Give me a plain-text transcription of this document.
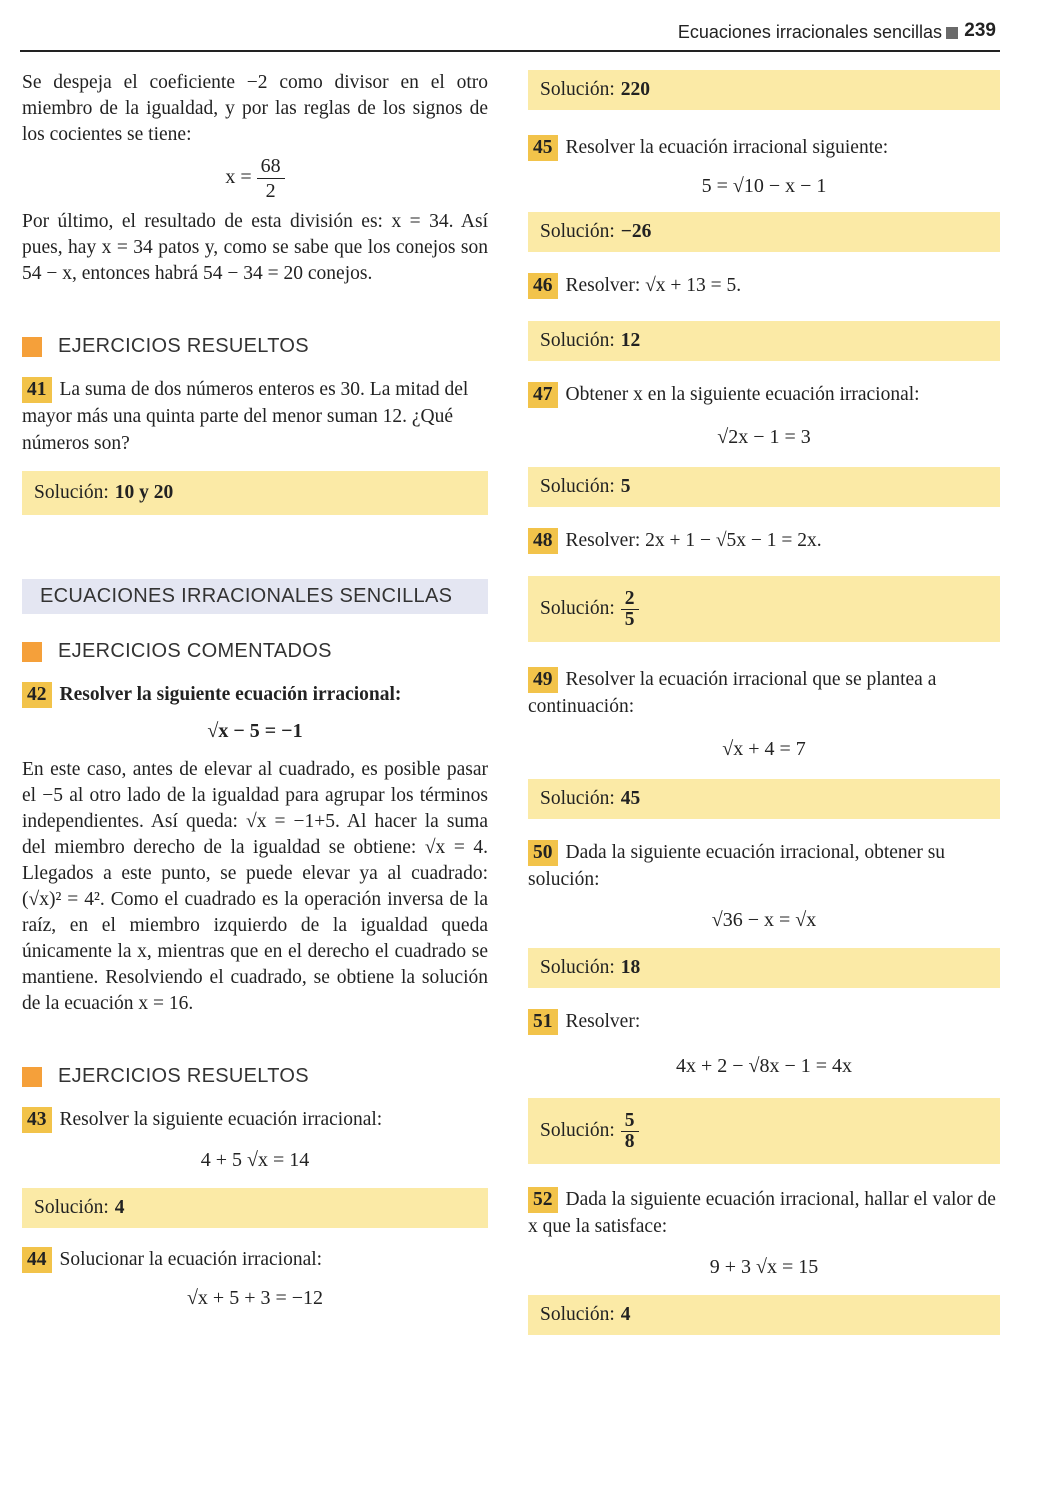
Ecuaciones irracionales sencillas 239

Se despeja el coeficiente −2 como divisor en el otro miembro de la igualdad, y por las reglas de los signos de los cocientes se tiene:

$x = \frac{68}{2}$

Por último, el resultado de esta división es: x = 34. Así pues, hay x = 34 patos y, como se sabe que los conejos son 54 − x, entonces habrá 54 − 34 = 20 conejos.

EJERCICIOS RESUELTOS

41 La suma de dos números enteros es 30. La mitad del mayor más una quinta parte del menor suman 12. ¿Qué números son?

Solución: 10 y 20
ECUACIONES IRRACIONALES SENCILLAS
EJERCICIOS COMENTADOS

42 Resolver la siguiente ecuación irracional:

√x − 5 = −1

En este caso, antes de elevar al cuadrado, es posible pasar el −5 al otro lado de la igualdad para agrupar los términos independientes. Así queda: √x = −1+5. Al hacer la suma del miembro derecho de la igualdad se obtiene: √x = 4. Llegados a este punto, se puede elevar ya al cuadrado: (√x)² = 4². Como el cuadrado es la operación inversa de la raíz, en el miembro izquierdo de la igualdad queda únicamente la x, mientras que en el derecho el cuadrado se mantiene. Resolviendo el cuadrado, se obtiene la solución de la ecuación x = 16.

EJERCICIOS RESUELTOS

43 Resolver la siguiente ecuación irracional:

4 + 5 √x = 14
Solución: 4

44 Solucionar la ecuación irracional:

√x + 5 + 3 = −12
Solución: 220

45 Resolver la ecuación irracional siguiente:

5 = √10 − x − 1
Solución: −26

46 Resolver: √x + 13 = 5.

Solución: 12

47 Obtener x en la siguiente ecuación irracional:

√2x − 1 = 3
Solución: 5

48 Resolver: 2x + 1 − √5x − 1 = 2x.

Solución: $\frac{2}{5}$

49 Resolver la ecuación irracional que se plantea a continuación:

√x + 4 = 7
Solución: 45

50 Dada la siguiente ecuación irracional, obtener su solución:

√36 − x = √x
Solución: 18

51 Resolver:

4x + 2 − √8x − 1 = 4x
Solución: $\frac{5}{8}$

52 Dada la siguiente ecuación irracional, hallar el valor de x que la satisface:

9 + 3 √x = 15
Solución: 4
